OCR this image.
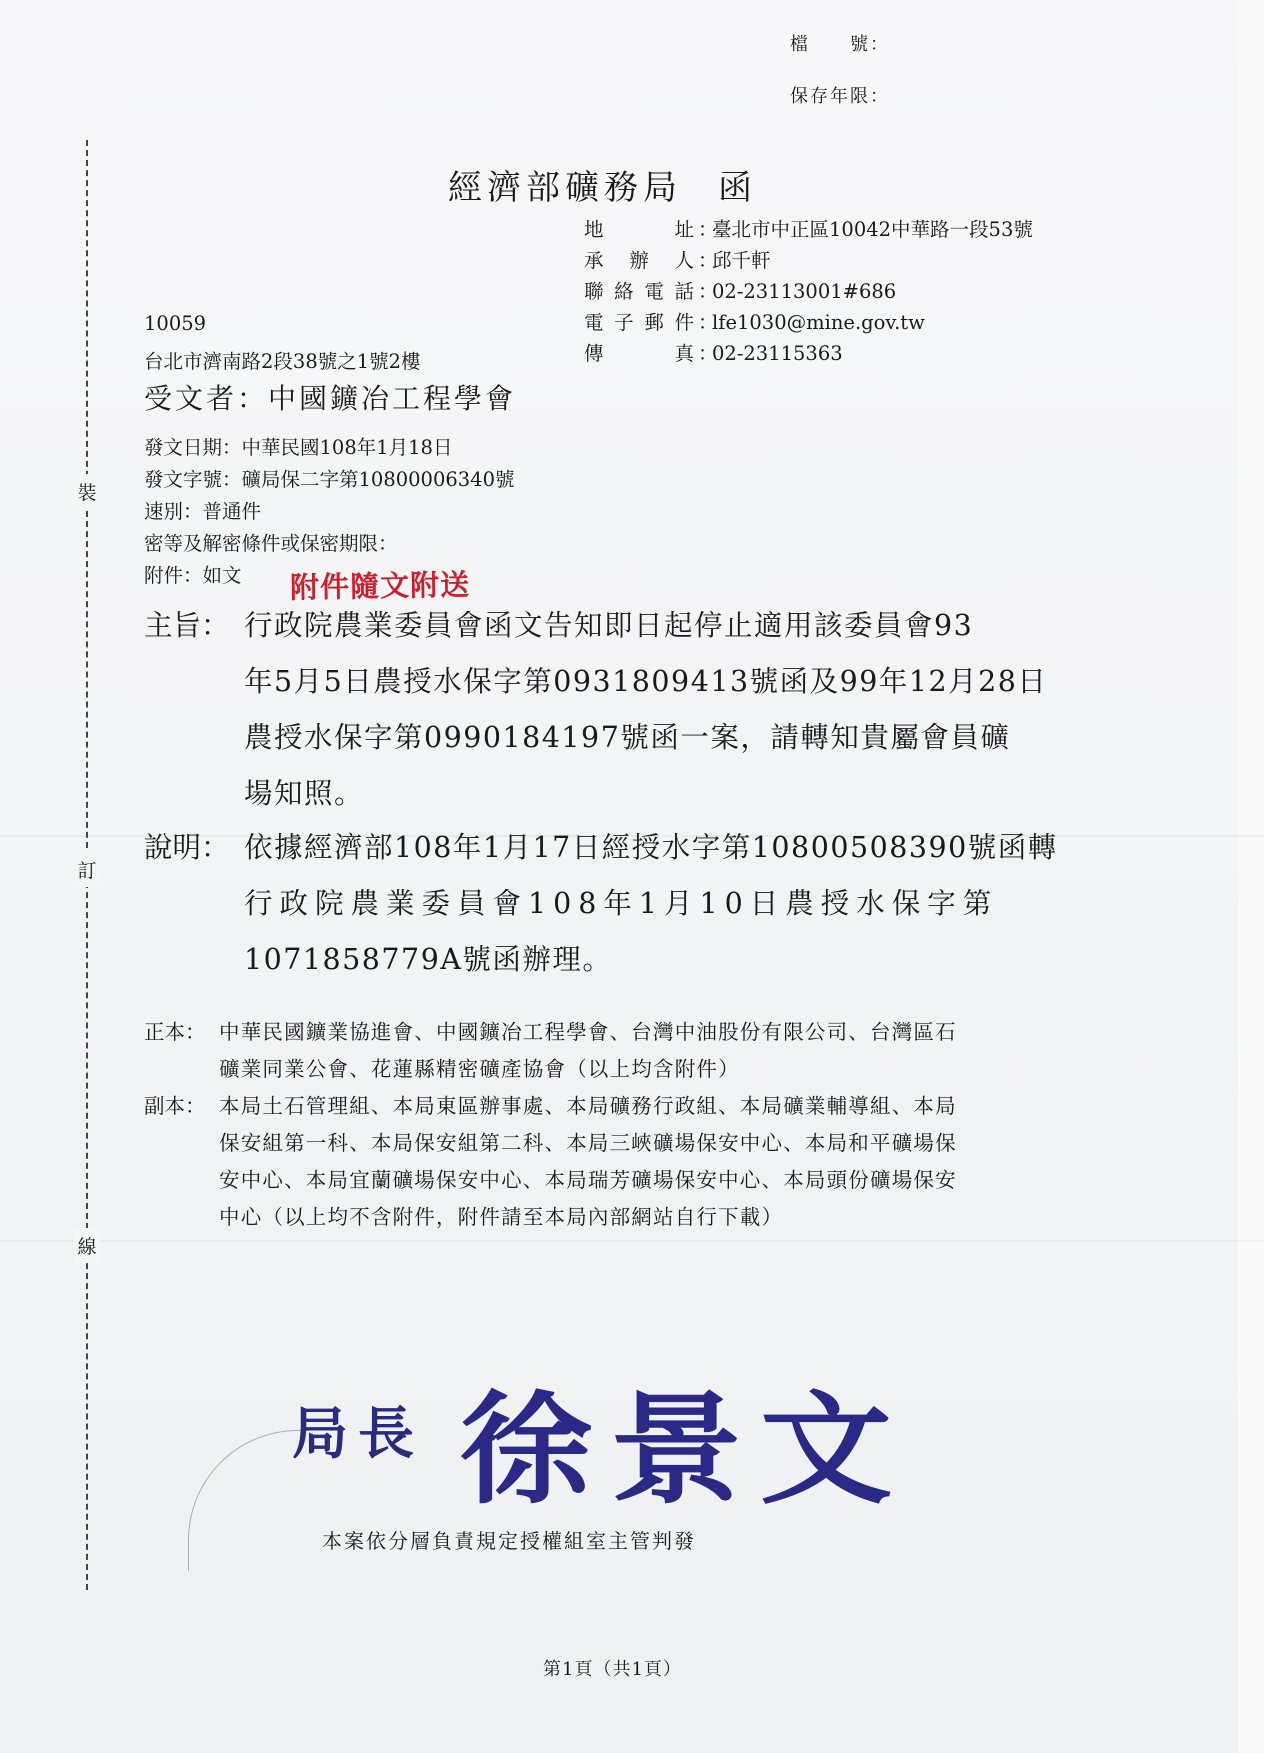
裝
訂
線
檔　　號：
保存年限：
經濟部礦務局 函
地址 ：
臺北市中正區10042中華路一段53號
承辦人 ：
邱千軒
聯絡電話 ：
02-23113001#686
電子郵件 ：
lfe1030@mine.gov.tw
傳真 ：
02-23115363
10059
台北市濟南路2段38號之1號2樓
受文者：中國鑛冶工程學會
發文日期：中華民國108年1月18日
發文字號：礦局保二字第10800006340號
速別：普通件
密等及解密條件或保密期限：
附件：如文	附件隨文附送
主旨： 行政院農業委員會函文告知即日起停止適用該委員會93
年5月5日農授水保字第0931809413號函及99年12月28日
農授水保字第0990184197號函一案，請轉知貴屬會員礦
場知照。
說明： 依據經濟部108年1月17日經授水字第10800508390號函轉
行政院農業委員會108年1月10日農授水保字第
1071858779A號函辦理。
正本： 中華民國鑛業協進會、中國鑛冶工程學會、台灣中油股份有限公司、台灣區石
礦業同業公會、花蓮縣精密礦產協會（以上均含附件）
副本： 本局土石管理組、本局東區辦事處、本局礦務行政組、本局礦業輔導組、本局
保安組第一科、本局保安組第二科、本局三峽礦場保安中心、本局和平礦場保
安中心、本局宜蘭礦場保安中心、本局瑞芳礦場保安中心、本局頭份礦場保安
中心（以上均不含附件，附件請至本局內部網站自行下載）
局長 徐景文
本案依分層負責規定授權組室主管判發
第1頁（共1頁）
